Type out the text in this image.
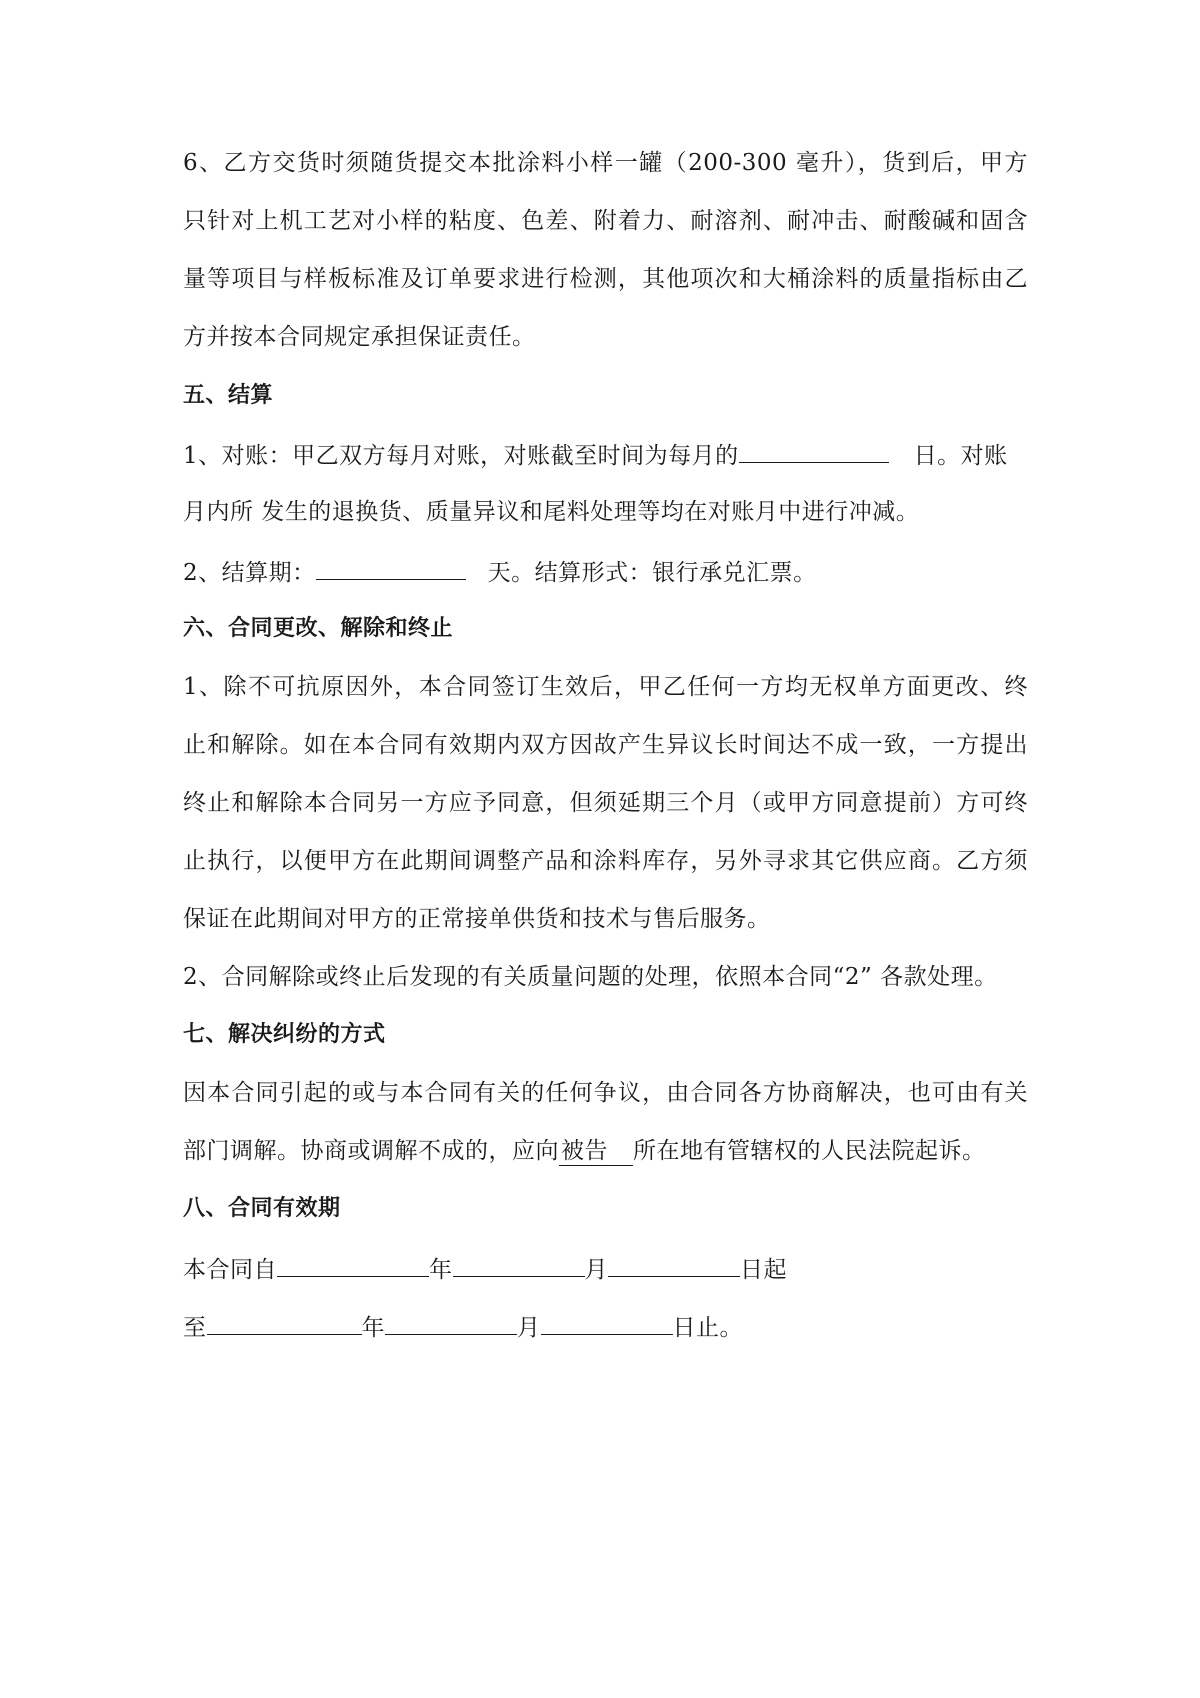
6、乙方交货时须随货提交本批涂料小样一罐（200-300 毫升），货到后，甲方
只针对上机工艺对小样的粘度、色差、附着力、耐溶剂、耐冲击、耐酸碱和固含
量等项目与样板标准及订单要求进行检测，其他项次和大桶涂料的质量指标由乙
方并按本合同规定承担保证责任。
五、结算
1、对账：甲乙双方每月对账，对账截至时间为每月的	日。对账
月内所 发生的退换货、质量异议和尾料处理等均在对账月中进行冲减。
2、结算期：	天。结算形式：银行承兑汇票。
六、合同更改、解除和终止
1、除不可抗原因外，本合同签订生效后，甲乙任何一方均无权单方面更改、终
止和解除。如在本合同有效期内双方因故产生异议长时间达不成一致，一方提出
终止和解除本合同另一方应予同意，但须延期三个月（或甲方同意提前）方可终
止执行，以便甲方在此期间调整产品和涂料库存，另外寻求其它供应商。乙方须
保证在此期间对甲方的正常接单供货和技术与售后服务。
2、合同解除或终止后发现的有关质量问题的处理，依照本合同“2” 各款处理。
七、解决纠纷的方式
因本合同引起的或与本合同有关的任何争议，由合同各方协商解决，也可由有关
部门调解。协商或调解不成的，应向被告 所在地有管辖权的人民法院起诉。
八、合同有效期
本合同自	年	月	日起
至	年	月	日止。
